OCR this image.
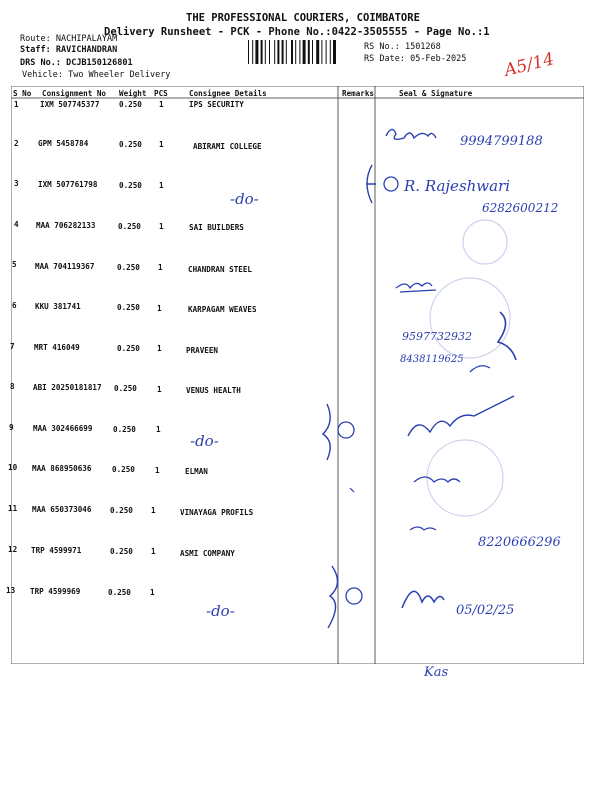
THE PROFESSIONAL COURIERS, COIMBATORE
Delivery Runsheet - PCK - Phone No.:0422-3505555 - Page No.:1
Route: NACHIPALAYAM
Staff: RAVICHANDRAN
DRS No.: DCJB150126801
Vehicle: Two Wheeler Delivery
RS No.: 1501268
RS Date: 05-Feb-2025
S No Consignment No Weight PCS	Consignee Details	Remarks	Seal & Signature
1	IXM 507745377	0.250 1	IPS SECURITY
2	GPM 5458784	0.250 1	ABIRAMI COLLEGE
3	IXM 507761798	0.250 1
4 MAA 706282133	0.250 1	SAI BUILDERS
5 MAA 704119367	0.250 1	CHANDRAN STEEL
6 KKU 381741	0.250 1	KARPAGAM WEAVES
7	MRT 416049	0.250 1	PRAVEEN
8 ABI 20250181817 0.250	1	VENUS HEALTH
9	MAA 302466699	0.250	1
10 MAA 868950636	0.250	1	ELMAN
11 MAA 650373046 0.250 1	VINAYAGA PROFILS
12 TRP 4599971	0.250 1	ASMI COMPANY
13 TRP 4599969	0.250	1
A5/14
9994799188
R. Rajeshwari
6282600212
-do-
9597732932
8438119625
-do-
8220666296
-do-	05/02/25
Kas
